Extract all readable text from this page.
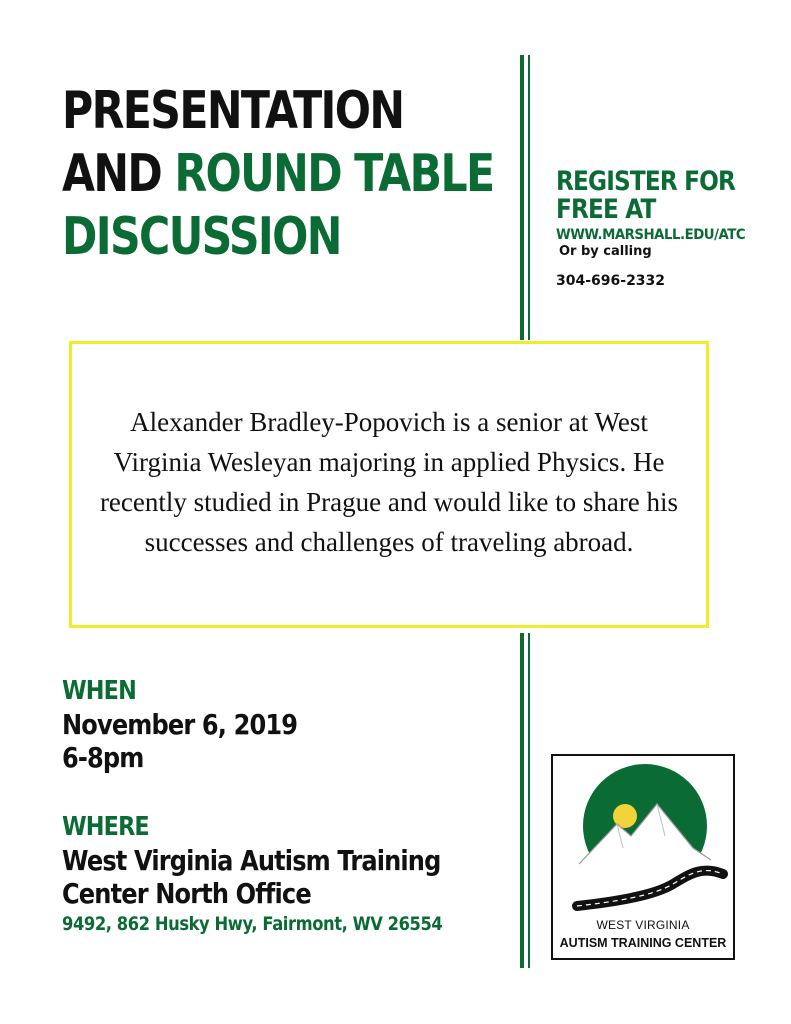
PRESENTATION
AND ROUND TABLE
DISCUSSION
REGISTER FOR
FREE AT
WWW.MARSHALL.EDU/ATC
Or by calling
304-696-2332
Alexander Bradley-Popovich is a senior at West Virginia Wesleyan majoring in applied Physics. He recently studied in Prague and would like to share his successes and challenges of traveling abroad.
WHEN
November 6, 2019
6-8pm
WHERE
West Virginia Autism Training
Center North Office
9492, 862 Husky Hwy, Fairmont, WV 26554	WEST VIRGINIA
AUTISM TRAINING CENTER
